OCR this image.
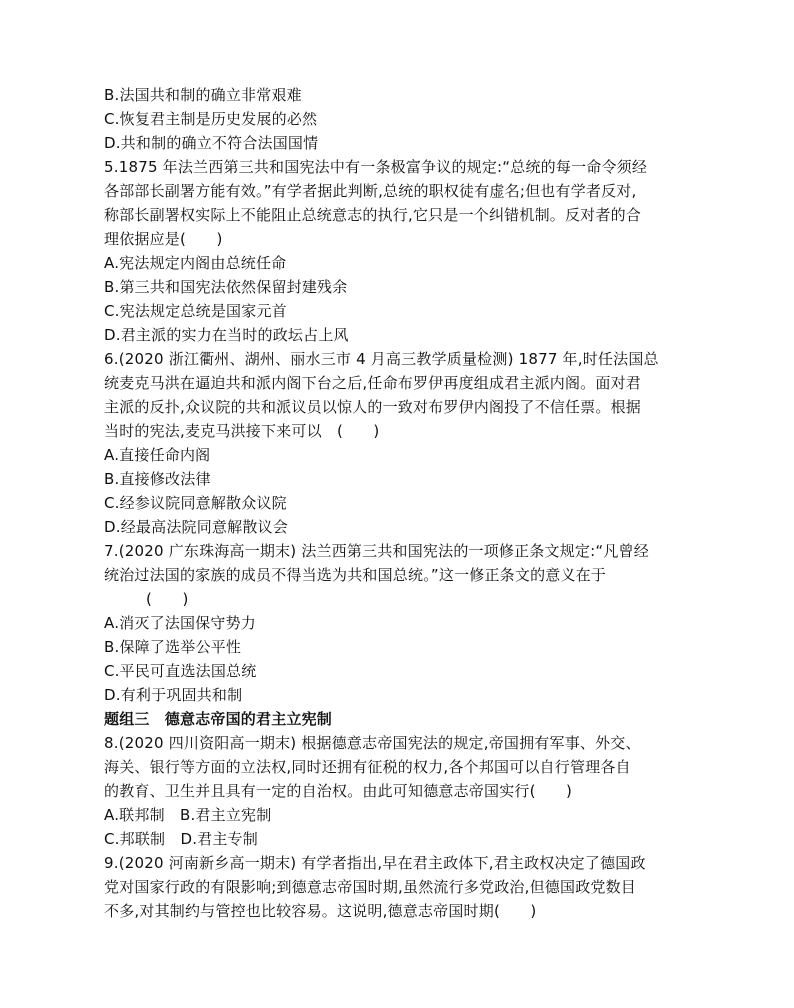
B.法国共和制的确立非常艰难
C.恢复君主制是历史发展的必然
D.共和制的确立不符合法国国情
5.1875 年法兰西第三共和国宪法中有一条极富争议的规定:“总统的每一命令须经
各部部长副署方能有效。”有学者据此判断,总统的职权徒有虚名;但也有学者反对,
称部长副署权实际上不能阻止总统意志的执行,它只是一个纠错机制。反对者的合
理依据应是(　　)
A.宪法规定内阁由总统任命
B.第三共和国宪法依然保留封建残余
C.宪法规定总统是国家元首
D.君主派的实力在当时的政坛占上风
6.(2020 浙江衢州、湖州、丽水三市 4 月高三教学质量检测) 1877 年,时任法国总
统麦克马洪在逼迫共和派内阁下台之后,任命布罗伊再度组成君主派内阁。面对君
主派的反扑,众议院的共和派议员以惊人的一致对布罗伊内阁投了不信任票。根据
当时的宪法,麦克马洪接下来可以　(　　)
A.直接任命内阁
B.直接修改法律
C.经参议院同意解散众议院
D.经最高法院同意解散议会
7.(2020 广东珠海高一期末) 法兰西第三共和国宪法的一项修正条文规定:“凡曾经
统治过法国的家族的成员不得当选为共和国总统。”这一修正条文的意义在于
(　　)
A.消灭了法国保守势力
B.保障了选举公平性
C.平民可直选法国总统
D.有利于巩固共和制
题组三　德意志帝国的君主立宪制
8.(2020 四川资阳高一期末) 根据德意志帝国宪法的规定,帝国拥有军事、外交、
海关、银行等方面的立法权,同时还拥有征税的权力,各个邦国可以自行管理各自
的教育、卫生并且具有一定的自治权。由此可知德意志帝国实行(　　)
A.联邦制　B.君主立宪制
C.邦联制　D.君主专制
9.(2020 河南新乡高一期末) 有学者指出,早在君主政体下,君主政权决定了德国政
党对国家行政的有限影响;到德意志帝国时期,虽然流行多党政治,但德国政党数目
不多,对其制约与管控也比较容易。这说明,德意志帝国时期(　　)
